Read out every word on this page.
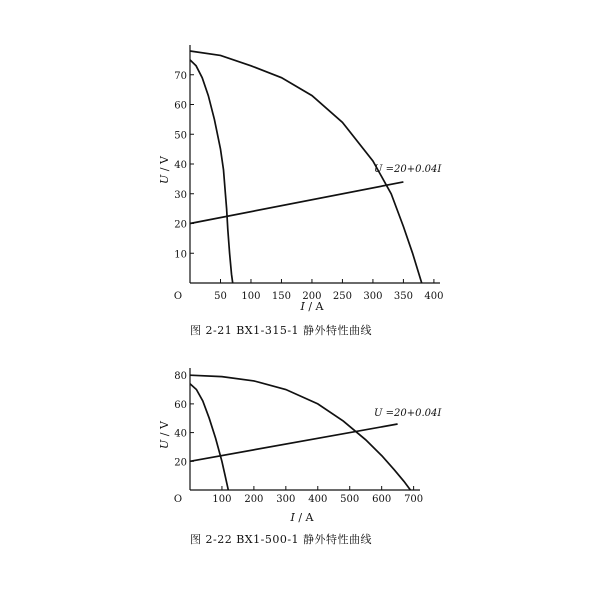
50 100 150 200 250 300 350 400
10
20
30
40
50
60
70
O
U / V
I / A
U =20+0.04I
图 2-21 BX1-315-1 静外特性曲线
100 200 300 400 500 600 700
20
40
60
80
O
U / V
I / A
U =20+0.04I
图 2-22 BX1-500-1 静外特性曲线
